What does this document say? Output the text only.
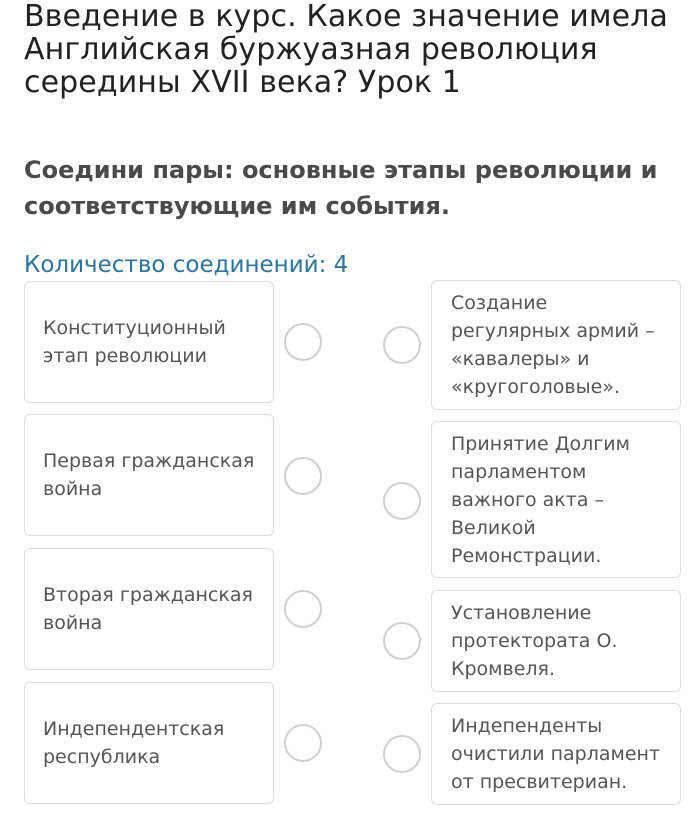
Введение в курс. Какое значение имела Английская буржуазная революция середины XVII века? Урок 1

Соедини пары: основные этапы революции и соответствующие им события.

Количество соединений: 4
Конституционный этап революции
Первая гражданская война
Вторая гражданская война
Индепендентская республика
Создание регулярных армий – «кавалеры» и «кругоголовые».
Принятие Долгим парламентом важного акта – Великой Ремонстрации.
Установление протектората О. Кромвеля.
Индепенденты очистили парламент от пресвитериан.
